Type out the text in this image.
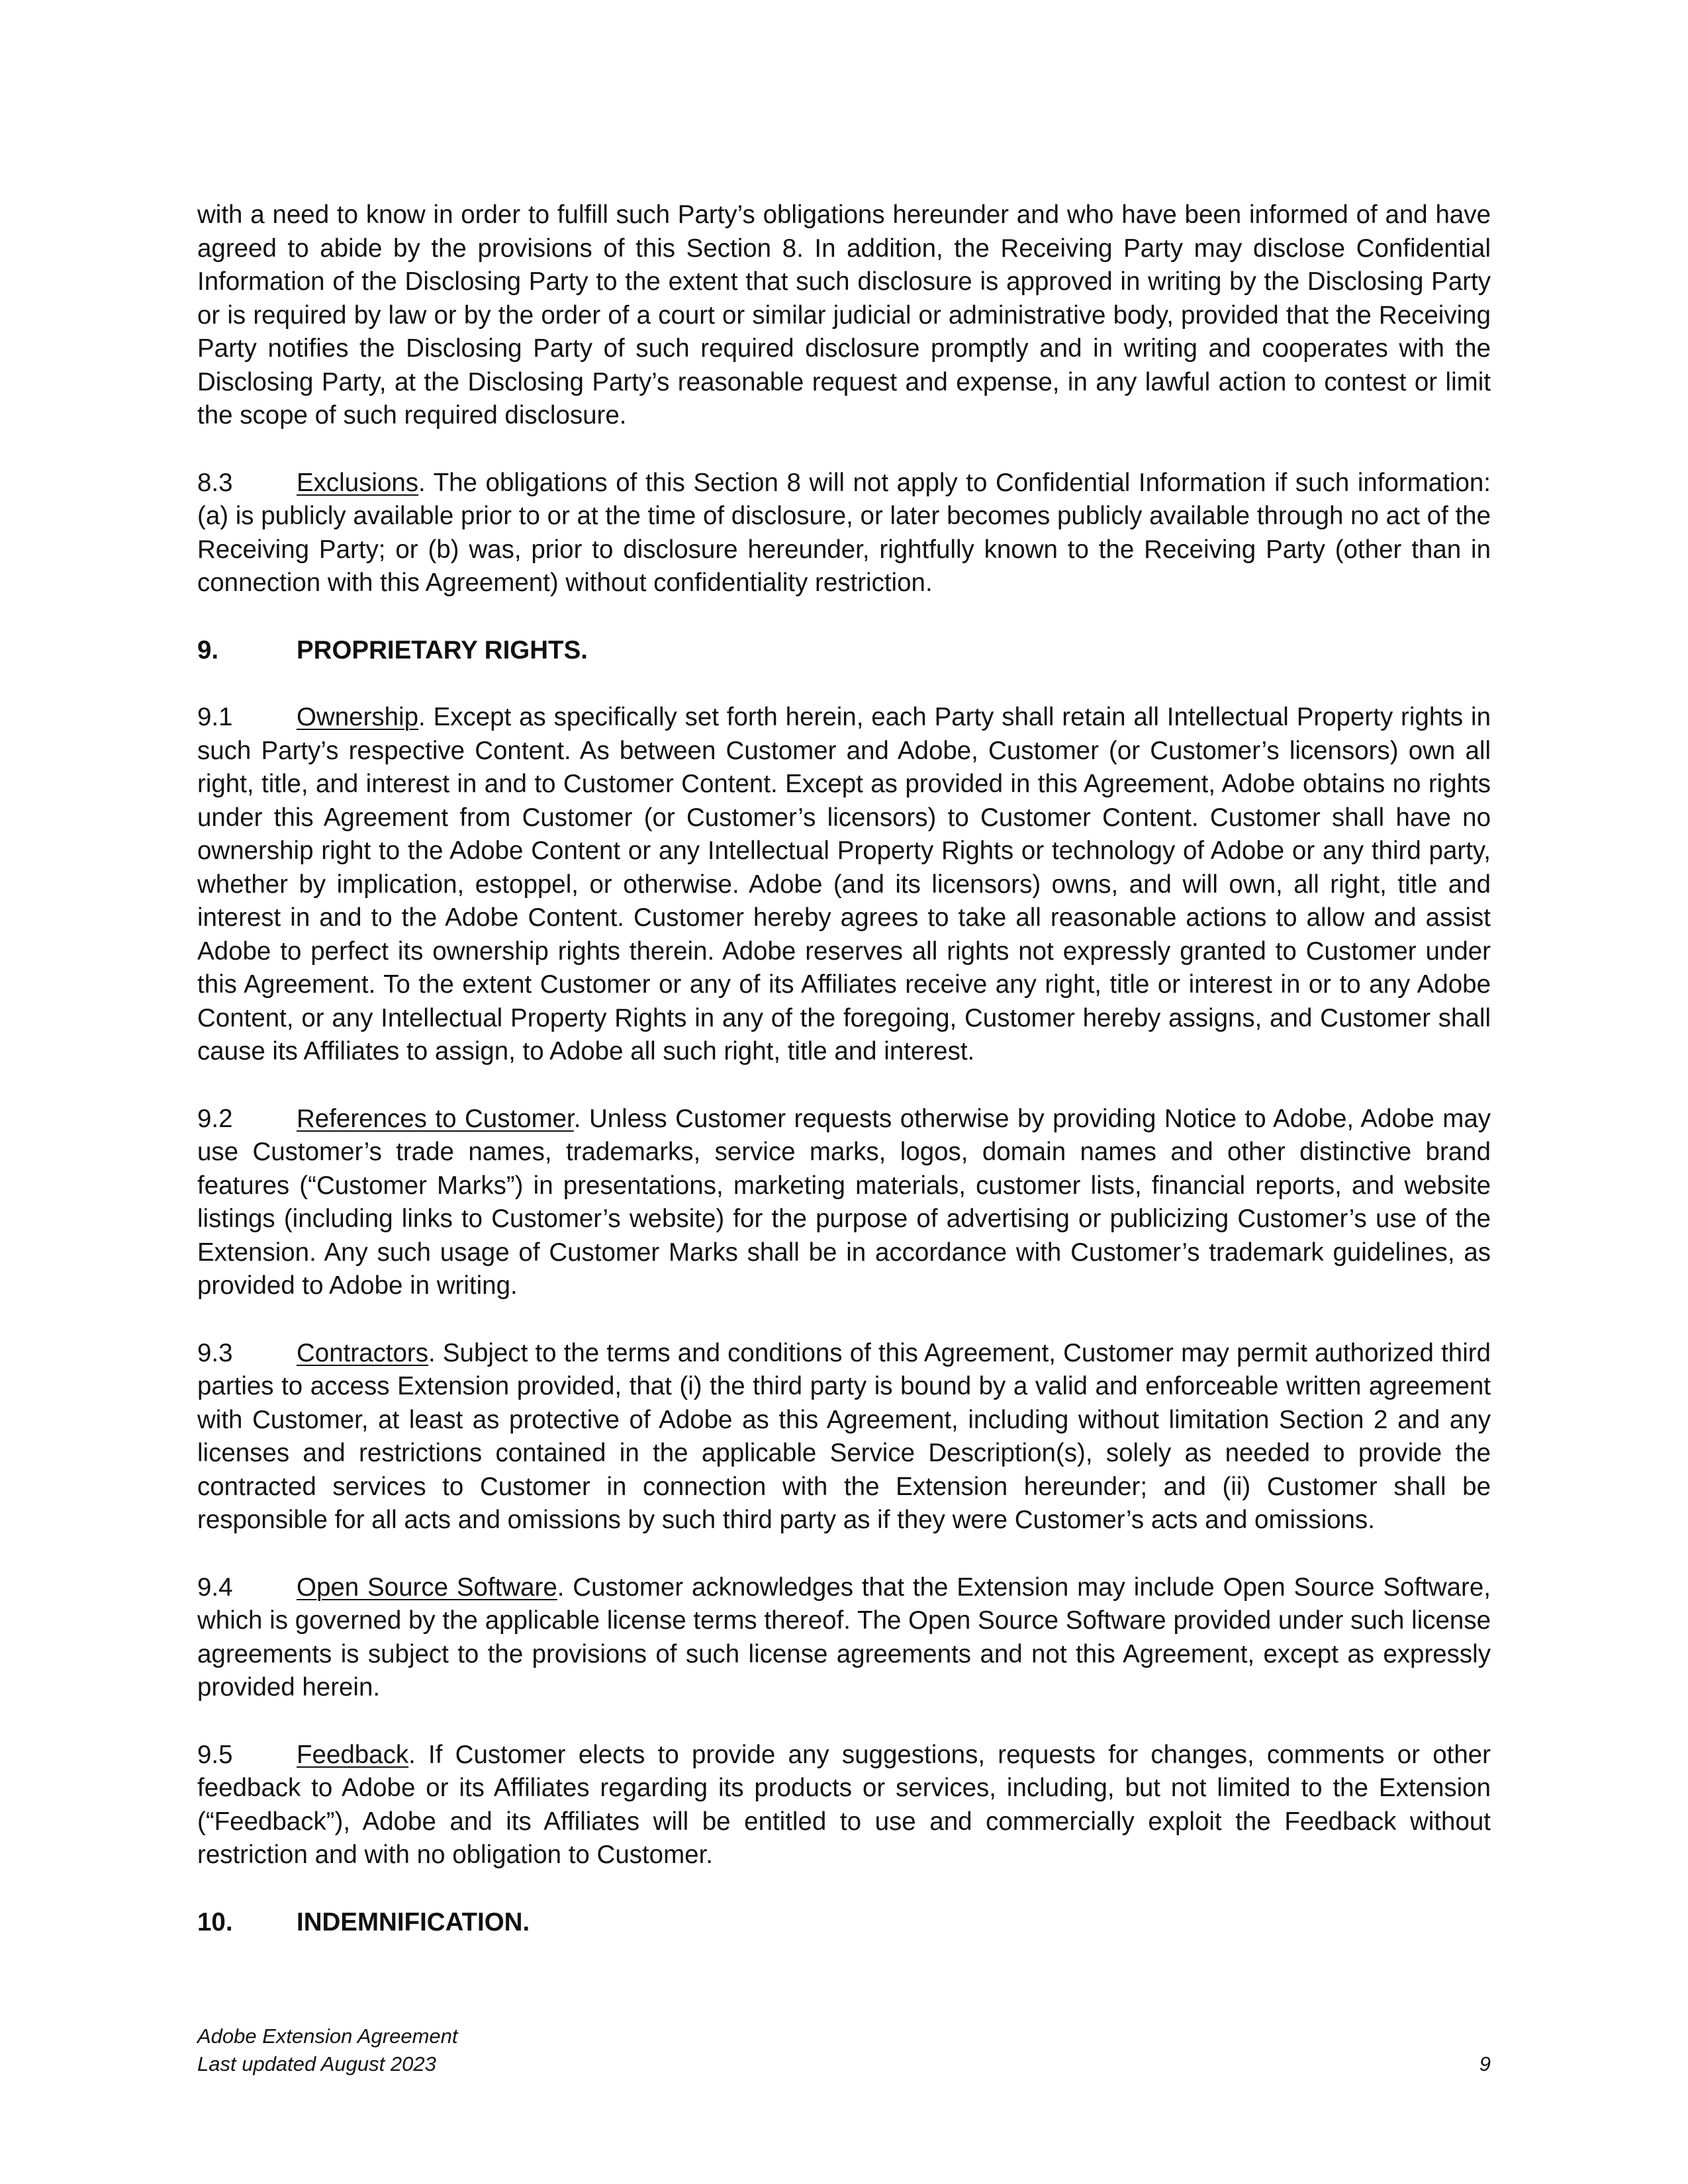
with a need to know in order to fulfill such Party’s obligations hereunder and who have been informed of and have agreed to abide by the provisions of this Section 8. In addition, the Receiving Party may disclose Confidential Information of the Disclosing Party to the extent that such disclosure is approved in writing by the Disclosing Party or is required by law or by the order of a court or similar judicial or administrative body, provided that the Receiving Party notifies the Disclosing Party of such required disclosure promptly and in writing and cooperates with the Disclosing Party, at the Disclosing Party’s reasonable request and expense, in any lawful action to contest or limit the scope of such required disclosure.

8.3	Exclusions. The obligations of this Section 8 will not apply to Confidential Information if such information: (a) is publicly available prior to or at the time of disclosure, or later becomes publicly available through no act of the Receiving Party; or (b) was, prior to disclosure hereunder, rightfully known to the Receiving Party (other than in connection with this Agreement) without confidentiality restriction.

9.	PROPRIETARY RIGHTS.

9.1	Ownership. Except as specifically set forth herein, each Party shall retain all Intellectual Property rights in such Party’s respective Content. As between Customer and Adobe, Customer (or Customer’s licensors) own all right, title, and interest in and to Customer Content. Except as provided in this Agreement, Adobe obtains no rights under this Agreement from Customer (or Customer’s licensors) to Customer Content. Customer shall have no ownership right to the Adobe Content or any Intellectual Property Rights or technology of Adobe or any third party, whether by implication, estoppel, or otherwise. Adobe (and its licensors) owns, and will own, all right, title and interest in and to the Adobe Content. Customer hereby agrees to take all reasonable actions to allow and assist Adobe to perfect its ownership rights therein. Adobe reserves all rights not expressly granted to Customer under this Agreement. To the extent Customer or any of its Affiliates receive any right, title or interest in or to any Adobe Content, or any Intellectual Property Rights in any of the foregoing, Customer hereby assigns, and Customer shall cause its Affiliates to assign, to Adobe all such right, title and interest.

9.2	References to Customer. Unless Customer requests otherwise by providing Notice to Adobe, Adobe may use Customer’s trade names, trademarks, service marks, logos, domain names and other distinctive brand features (“Customer Marks”) in presentations, marketing materials, customer lists, financial reports, and website listings (including links to Customer’s website) for the purpose of advertising or publicizing Customer’s use of the Extension. Any such usage of Customer Marks shall be in accordance with Customer’s trademark guidelines, as provided to Adobe in writing.

9.3	Contractors. Subject to the terms and conditions of this Agreement, Customer may permit authorized third parties to access Extension provided, that (i) the third party is bound by a valid and enforceable written agreement with Customer, at least as protective of Adobe as this Agreement, including without limitation Section 2 and any licenses and restrictions contained in the applicable Service Description(s), solely as needed to provide the contracted services to Customer in connection with the Extension hereunder; and (ii) Customer shall be responsible for all acts and omissions by such third party as if they were Customer’s acts and omissions.

9.4	Open Source Software. Customer acknowledges that the Extension may include Open Source Software, which is governed by the applicable license terms thereof. The Open Source Software provided under such license agreements is subject to the provisions of such license agreements and not this Agreement, except as expressly provided herein.

9.5	Feedback. If Customer elects to provide any suggestions, requests for changes, comments or other feedback to Adobe or its Affiliates regarding its products or services, including, but not limited to the Extension (“Feedback”), Adobe and its Affiliates will be entitled to use and commercially exploit the Feedback without restriction and with no obligation to Customer.

10.	INDEMNIFICATION.

Adobe Extension Agreement
Last updated August 2023	9
